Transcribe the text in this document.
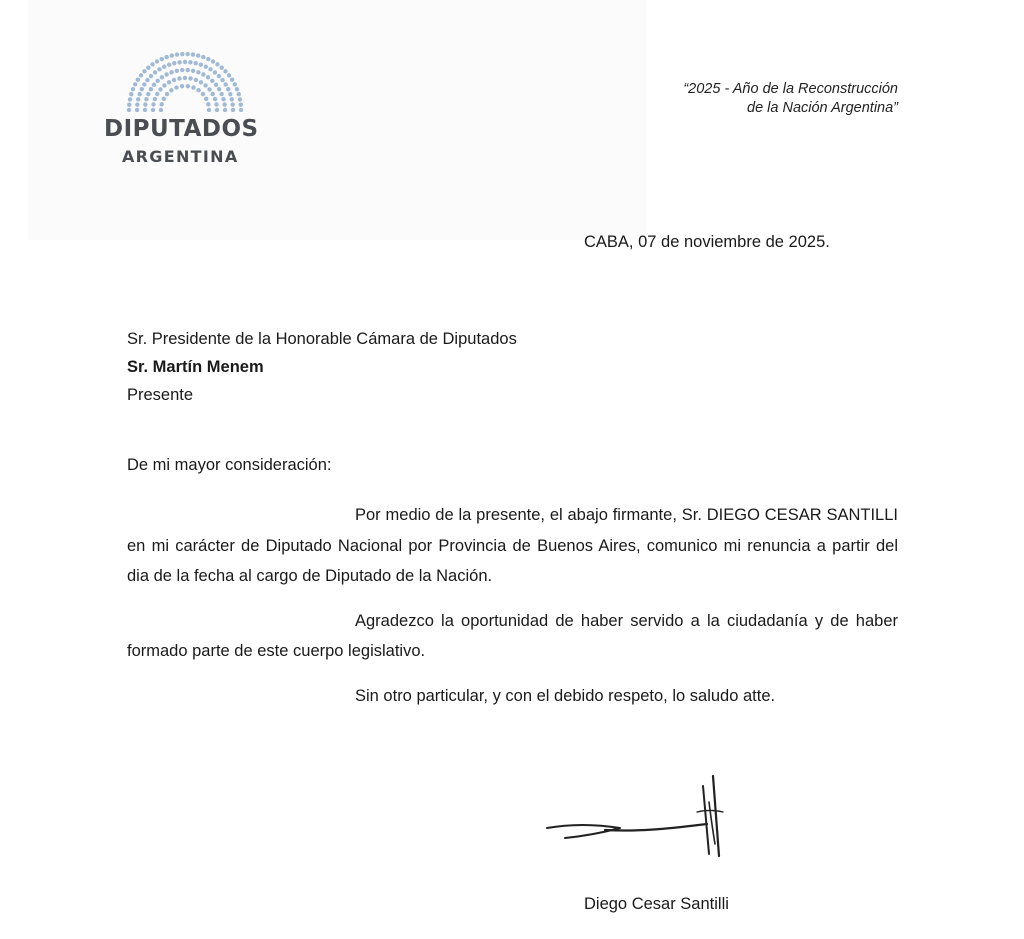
DIPUTADOS
ARGENTINA
“2025 - Año de la Reconstrucción
de la Nación Argentina”
CABA, 07 de noviembre de 2025.
Sr. Presidente de la Honorable Cámara de Diputados
Sr. Martín Menem
Presente
De mi mayor consideración:

Por medio de la presente, el abajo firmante, Sr. DIEGO CESAR SANTILLI en mi carácter de Diputado Nacional por Provincia de Buenos Aires, comunico mi renuncia a partir del dia de la fecha al cargo de Diputado de la Nación.

Agradezco la oportunidad de haber servido a la ciudadanía y de haber formado parte de este cuerpo legislativo.

Sin otro particular, y con el debido respeto, lo saludo atte.

Diego Cesar Santilli
